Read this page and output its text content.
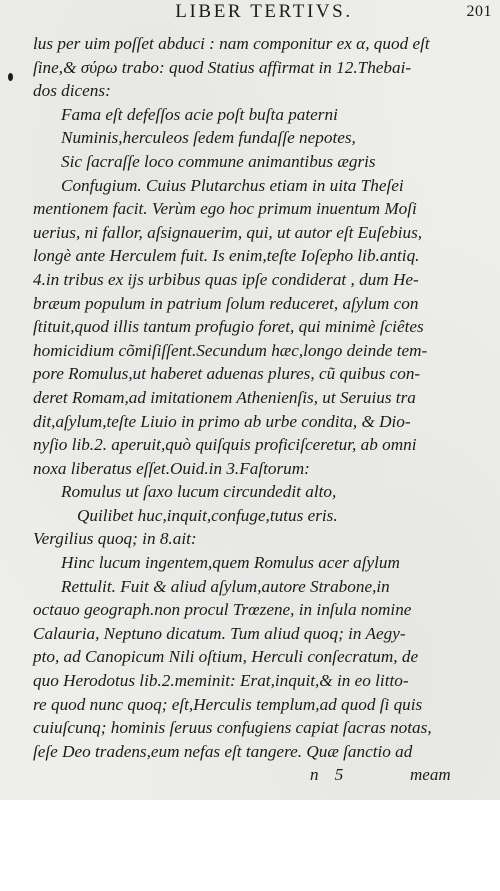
LIBER TERTIVS.	201
lus per uim poſſet abduci : nam componitur ex α, quod eſt
ſine,& σύρω trabo: quod Statius affirmat in 12.Thebai-
dos dicens:
Fama eſt defeſſos acie poſt buſta paterni
Numinis,herculeos ſedem fundaſſe nepotes,
Sic ſacraſſe loco commune animantibus ægris
Confugium. Cuius Plutarchus etiam in uita Theſei
mentionem facit. Verùm ego hoc primum inuentum Moſi
uerius, ni fallor, aſsignauerim, qui, ut autor eſt Euſebius,
longè ante Herculem fuit. Is enim,teſte Ioſepho lib.antiq.
4.in tribus ex ijs urbibus quas ipſe condiderat , dum He-
bræum populum in patrium ſolum reduceret, aſylum con
ſtituit,quod illis tantum profugio foret, qui minimè ſciêtes
homicidium cõmiſiſſent.Secundum hæc,longo deinde tem-
pore Romulus,ut haberet aduenas plures, cũ quibus con-
deret Romam,ad imitationem Athenienſis, ut Seruius tra
dit,aſylum,teſte Liuio in primo ab urbe condita, & Dio-
nyſio lib.2. aperuit,quò quiſquis proficiſceretur, ab omni
noxa liberatus eſſet.Ouid.in 3.Faſtorum:
Romulus ut ſaxo lucum circundedit alto,
Quilibet huc,inquit,confuge,tutus eris.
Vergilius quoq; in 8.ait:
Hinc lucum ingentem,quem Romulus acer aſylum
Rettulit. Fuit & aliud aſylum,autore Strabone,in
octauo geograph.non procul Trœzene, in inſula nomine
Calauria, Neptuno dicatum. Tum aliud quoq; in Aegy-
pto, ad Canopicum Nili oſtium, Herculi conſecratum, de
quo Herodotus lib.2.meminit: Erat,inquit,& in eo litto-
re quod nunc quoq; eſt,Herculis templum,ad quod ſi quis
cuiuſcunq; hominis ſeruus confugiens capiat ſacras notas,
ſeſe Deo tradens,eum nefas eſt tangere. Quæ ſanctio ad
n 5	meam
